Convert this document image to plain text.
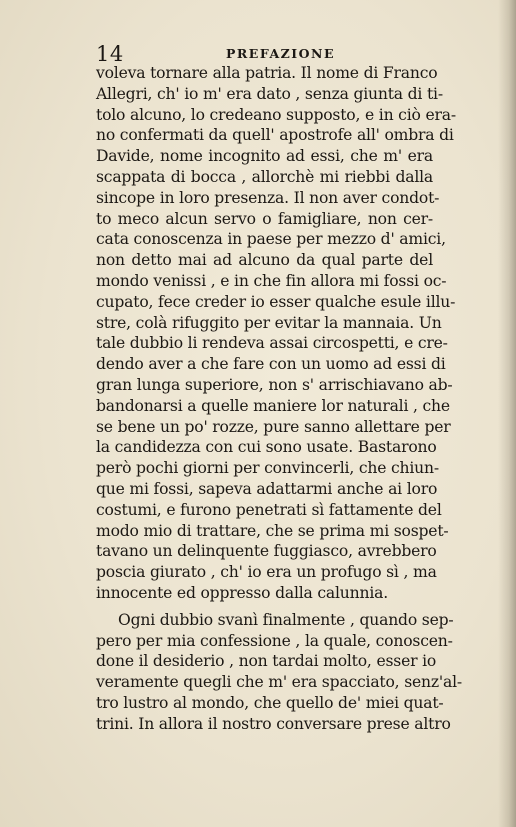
14	PREFAZIONE
voleva tornare alla patria. Il nome di Franco
Allegri, ch' io m' era dato , senza giunta di ti-
tolo alcuno, lo credeano supposto, e in ciò era-
no confermati da quell' apostrofe all' ombra di
Davide, nome incognito ad essi, che m' era
scappata di bocca , allorchè mi riebbi dalla
sincope in loro presenza. Il non aver condot-
to meco alcun servo o famigliare, non cer-
cata conoscenza in paese per mezzo d' amici,
non detto mai ad alcuno da qual parte del
mondo venissi , e in che fin allora mi fossi oc-
cupato, fece creder io esser qualche esule illu-
stre, colà rifuggito per evitar la mannaia. Un
tale dubbio li rendeva assai circospetti, e cre-
dendo aver a che fare con un uomo ad essi di
gran lunga superiore, non s' arrischiavano ab-
bandonarsi a quelle maniere lor naturali , che
se bene un po' rozze, pure sanno allettare per
la candidezza con cui sono usate. Bastarono
però pochi giorni per convincerli, che chiun-
que mi fossi, sapeva adattarmi anche ai loro
costumi, e furono penetrati sì fattamente del
modo mio di trattare, che se prima mi sospet-
tavano un delinquente fuggiasco, avrebbero
poscia giurato , ch' io era un profugo sì , ma
innocente ed oppresso dalla calunnia.
Ogni dubbio svanì finalmente , quando sep-
pero per mia confessione , la quale, conoscen-
done il desiderio , non tardai molto, esser io
veramente quegli che m' era spacciato, senz'al-
tro lustro al mondo, che quello de' miei quat-
trini. In allora il nostro conversare prese altro
